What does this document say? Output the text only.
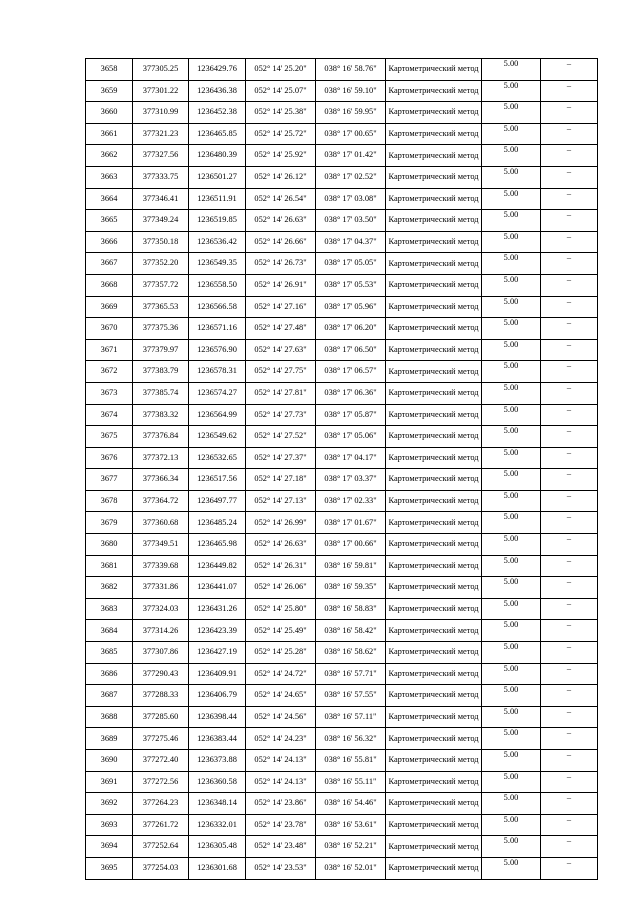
3658	377305.25	1236429.76	052° 14' 25.20"	038° 16' 58.76"	Картометрический метод	5.00	–
3659	377301.22	1236436.38	052° 14' 25.07"	038° 16' 59.10"	Картометрический метод	5.00	–
3660	377310.99	1236452.38	052° 14' 25.38"	038° 16' 59.95"	Картометрический метод	5.00	–
3661	377321.23	1236465.85	052° 14' 25.72"	038° 17' 00.65"	Картометрический метод	5.00	–
3662	377327.56	1236480.39	052° 14' 25.92"	038° 17' 01.42"	Картометрический метод	5.00	–
3663	377333.75	1236501.27	052° 14' 26.12"	038° 17' 02.52"	Картометрический метод	5.00	–
3664	377346.41	1236511.91	052° 14' 26.54"	038° 17' 03.08"	Картометрический метод	5.00	–
3665	377349.24	1236519.85	052° 14' 26.63"	038° 17' 03.50"	Картометрический метод	5.00	–
3666	377350.18	1236536.42	052° 14' 26.66"	038° 17' 04.37"	Картометрический метод	5.00	–
3667	377352.20	1236549.35	052° 14' 26.73"	038° 17' 05.05"	Картометрический метод	5.00	–
3668	377357.72	1236558.50	052° 14' 26.91"	038° 17' 05.53"	Картометрический метод	5.00	–
3669	377365.53	1236566.58	052° 14' 27.16"	038° 17' 05.96"	Картометрический метод	5.00	–
3670	377375.36	1236571.16	052° 14' 27.48"	038° 17' 06.20"	Картометрический метод	5.00	–
3671	377379.97	1236576.90	052° 14' 27.63"	038° 17' 06.50"	Картометрический метод	5.00	–
3672	377383.79	1236578.31	052° 14' 27.75"	038° 17' 06.57"	Картометрический метод	5.00	–
3673	377385.74	1236574.27	052° 14' 27.81"	038° 17' 06.36"	Картометрический метод	5.00	–
3674	377383.32	1236564.99	052° 14' 27.73"	038° 17' 05.87"	Картометрический метод	5.00	–
3675	377376.84	1236549.62	052° 14' 27.52"	038° 17' 05.06"	Картометрический метод	5.00	–
3676	377372.13	1236532.65	052° 14' 27.37"	038° 17' 04.17"	Картометрический метод	5.00	–
3677	377366.34	1236517.56	052° 14' 27.18"	038° 17' 03.37"	Картометрический метод	5.00	–
3678	377364.72	1236497.77	052° 14' 27.13"	038° 17' 02.33"	Картометрический метод	5.00	–
3679	377360.68	1236485.24	052° 14' 26.99"	038° 17' 01.67"	Картометрический метод	5.00	–
3680	377349.51	1236465.98	052° 14' 26.63"	038° 17' 00.66"	Картометрический метод	5.00	–
3681	377339.68	1236449.82	052° 14' 26.31"	038° 16' 59.81"	Картометрический метод	5.00	–
3682	377331.86	1236441.07	052° 14' 26.06"	038° 16' 59.35"	Картометрический метод	5.00	–
3683	377324.03	1236431.26	052° 14' 25.80"	038° 16' 58.83"	Картометрический метод	5.00	–
3684	377314.26	1236423.39	052° 14' 25.49"	038° 16' 58.42"	Картометрический метод	5.00	–
3685	377307.86	1236427.19	052° 14' 25.28"	038° 16' 58.62"	Картометрический метод	5.00	–
3686	377290.43	1236409.91	052° 14' 24.72"	038° 16' 57.71"	Картометрический метод	5.00	–
3687	377288.33	1236406.79	052° 14' 24.65"	038° 16' 57.55"	Картометрический метод	5.00	–
3688	377285.60	1236398.44	052° 14' 24.56"	038° 16' 57.11"	Картометрический метод	5.00	–
3689	377275.46	1236383.44	052° 14' 24.23"	038° 16' 56.32"	Картометрический метод	5.00	–
3690	377272.40	1236373.88	052° 14' 24.13"	038° 16' 55.81"	Картометрический метод	5.00	–
3691	377272.56	1236360.58	052° 14' 24.13"	038° 16' 55.11"	Картометрический метод	5.00	–
3692	377264.23	1236348.14	052° 14' 23.86"	038° 16' 54.46"	Картометрический метод	5.00	–
3693	377261.72	1236332.01	052° 14' 23.78"	038° 16' 53.61"	Картометрический метод	5.00	–
3694	377252.64	1236305.48	052° 14' 23.48"	038° 16' 52.21"	Картометрический метод	5.00	–
3695	377254.03	1236301.68	052° 14' 23.53"	038° 16' 52.01"	Картометрический метод	5.00	–
